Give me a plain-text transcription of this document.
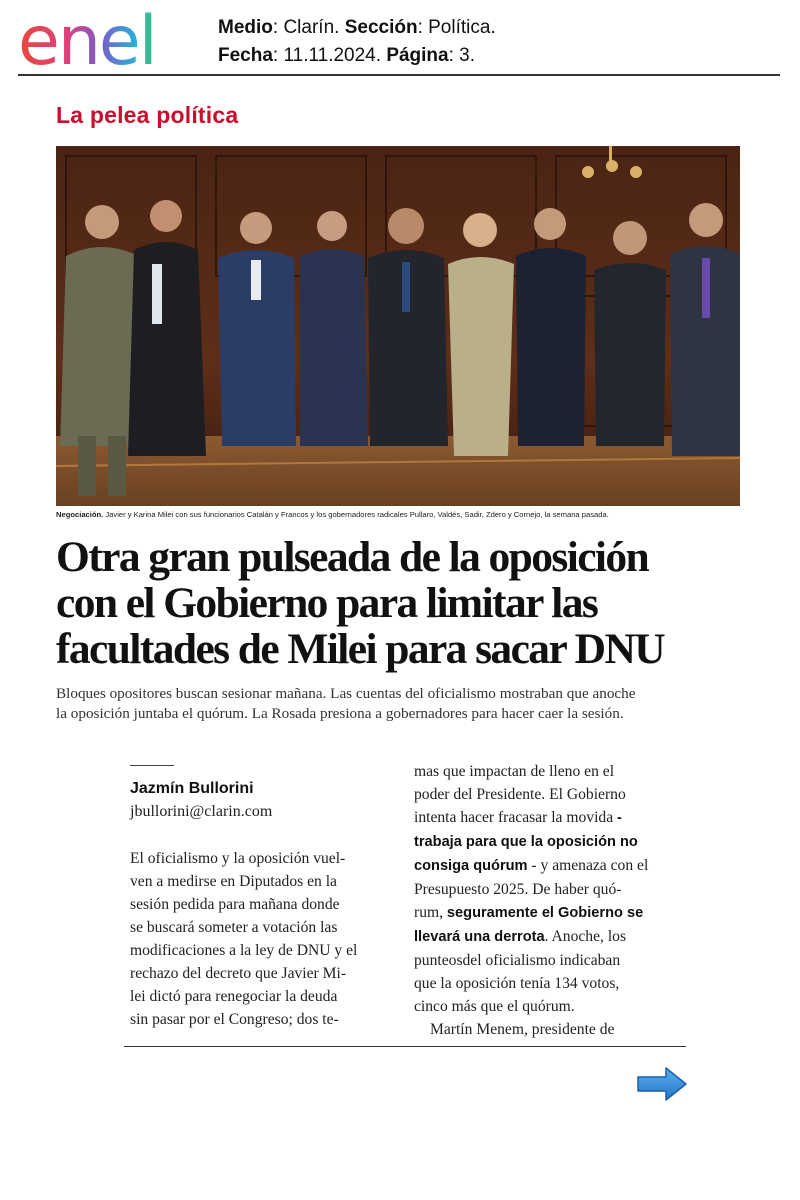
enel	Medio: Clarín. Sección: Política.
Fecha: 11.11.2024. Página: 3.
La pelea política
Negociación. Javier y Karina Milei con sus funcionarios Catalán y Francos y los gobernadores radicales Pullaro, Valdés, Sadir, Zdero y Cornejo, la semana pasada.
Otra gran pulseada de la oposición
con el Gobierno para limitar las
facultades de Milei para sacar DNU

Bloques opositores buscan sesionar mañana. Las cuentas del oficialismo mostraban que anoche
la oposición juntaba el quórum. La Rosada presiona a gobernadores para hacer caer la sesión.

Jazmín Bullorini
jbullorini@clarin.com
El oficialismo y la oposición vuel-
ven a medirse en Diputados en la
sesión pedida para mañana donde
se buscará someter a votación las
modificaciones a la ley de DNU y el
rechazo del decreto que Javier Mi-
lei dictó para renegociar la deuda
sin pasar por el Congreso; dos te-
mas que impactan de lleno en el
poder del Presidente. El Gobierno
intenta hacer fracasar la movida -
trabaja para que la oposición no
consiga quórum - y amenaza con el
Presupuesto 2025. De haber quó-
rum, seguramente el Gobierno se
llevará una derrota. Anoche, los
punteosdel oficialismo indicaban
que la oposición tenía 134 votos,
cinco más que el quórum.
Martín Menem, presidente de
